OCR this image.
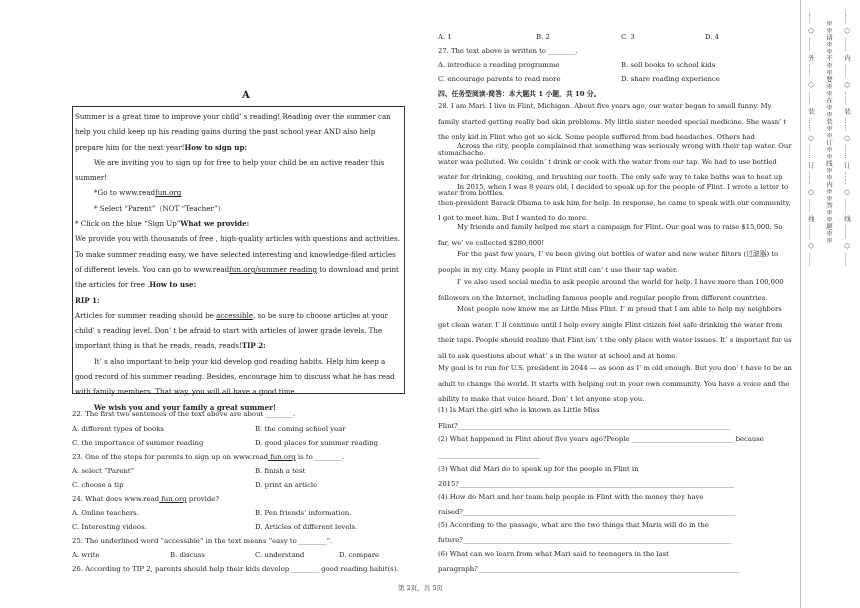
A

Summer is a great time to improve your child’ s reading! Reading over the summer can help you child keep up his reading gains during the past school year AND also help prepare him for the next year!How to sign up:

We are inviting you to sign up for free to help your child be an active reader this summer!

*Go to www.readfun.org

* Select “Parent”（NOT “Teacher”）

* Click on the blue “Sign Up”What we provide:

We provide you with thousands of free , high-quality articles with questions and activities. To make summer reading easy, we have selected interesting and knowledge-filed articles of different levels. You can go to www.readfun.org/summer reading to download and print the articles for free .How to use:

RIP 1:

Articles for summer reading should be accessible, so be sure to choose articles at your child’ s reading level. Don’ t be afraid to start with articles of lower grade levels. The important thing is that he reads, reads, reads!TIP 2:

It’ s also important to help your kid develop god reading habits. Help him keep a good record of his summer reading. Besides, encourage him to discuss what he has read with family members. That way, you will all have a good time.

We wish you and your family a great summer!

22. The first two sentences of the text above are about ________.
A. different types of books	B. the coming school year
C. the importance of summer reading	D. good places for summer reading
23. One of the steps for parents to sign up on www.read fun.org is to ________.
A. select “Parent”	B. finish a test
C. choose a tip	D. print an article
24. What does www.read fun.org provide?
A. Online teachers.	B. Pen friends’ information.
C. Interesting videos.	D. Articles of different levels.
25. The underlined word “accessible” in the text means “easy to ________”.
A. write	B. discuss	C. understand	D. compare
26. According to TIP 2, parents should help their kids develop ________ good reading habit(s).
A. 1	B. 2	C. 3	D. 4
27. The text above is written to ________.
A. introduce a reading programme	B. sell books to school kids
C. encourage parents to read more	D. share reading experience
四、任务型阅读-简答：本大题共 1 小题，共 10 分。
28. I am Mari. I live in Flint, Michigan. About five years ago, our water began to smell funny. My family started getting really bad skin problems. My little sister needed special medicine. She wasn’ t the only kid in Flint who got so sick. Some people suffered from bad headaches. Others had stomachache.
Across the city, people complained that something was seriously wrong with their tap water. Our water was polluted. We couldn’ t drink or cook with the water from our tap. We had to use bottled water for drinking, cooking, and brushing our teeth. The only safe way to take baths was to heat up water from bottles.
In 2015, when I was 8 years old, I decided to speak up for the people of Flint. I wrote a letter to then-president Barack Obama to ask him for help. In response, he came to speak with our community. I got to meet him. But I wanted to do more.
My friends and family helped me start a campaign for Flint. Our goal was to raise $15,000. So far, we’ ve collected $280,000!
For the past few years, I’ ve been giving out bottles of water and new water filters (过滤器) to people in my city. Many people in Flint still can’ t use their tap water.
I’ ve also used social media to ask people around the world for help. I have more than 100,000 followers on the Internet, including famous people and regular people from different countries.
Most people now know me as Little Miss Flint. I’ m proud that I am able to help my neighbors get clean water. I’ ll continue until I help every single Flint citizen feel safe drinking the water from their taps. People should realize that Flint isn’ t the only place with water issues. It’ s important for us all to ask questions about what’ s in the water at school and at home.
My goal is to run for U.S. president in 2044 — as soon as I’ m old enough. But you don’ t have to be an adult to change the world. It starts with helping out in your own community. You have a voice and the ability to make that voice heard. Don’ t let anyone stop you.
(1) Is Mari the girl who is known as Little Miss
Flint?________________________________________________________________________________
(2) What happened in Flint about five years ago?People ______________________________ because
______________________________
(3) What did Mari do to speak up for the people in Flint in
2015?_________________________________________________________________________________
(4) How do Mari and her team help people in Flint with the money they have
raised?________________________________________________________________________________
(5) According to the passage, what are the two things that Maris will do in the
future?_______________________________________________________________________________
(6) What can we learn from what Mari said to teenagers in the last
paragraph?_____________________________________________________________________________
第 2页，共 5页
…… ○ …… 外 …… ○ …… 装 …… ○ …… 订 …… ○ …… 线 …… ○ …… ※※请※※不※※要※※在※※装※※订※※线※※内※※答※※题※※ …… ○ …… 内 …… ○ …… 装 …… ○ …… 订 …… ○ …… 线 …… ○ ……
